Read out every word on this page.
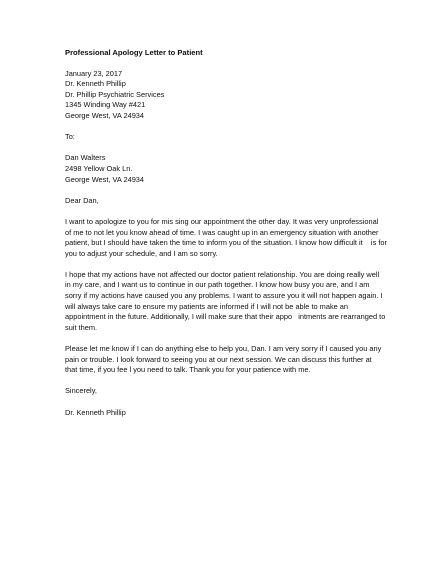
Professional Apology Letter to Patient
January 23, 2017
Dr. Kenneth Phillip
Dr. Phillip Psychiatric Services
1345 Winding Way #421
George West, VA 24934
To:
Dan Walters
2498 Yellow Oak Ln.
George West, VA 24934
Dear Dan,
I want to apologize to you for mis sing our appointment the other day. It was very unprofessional
of me to not let you know ahead of time. I was caught up in an emergency situation with another
patient, but I should have taken the time to inform you of the situation. I know how difficult it    is for
you to adjust your schedule, and I am so sorry.
I hope that my actions have not affected our doctor patient relationship. You are doing really well
in my care, and I want us to continue in our path together. I know how busy you are, and I am
sorry if my actions have caused you any problems. I want to assure you it will not happen again. I
will always take care to ensure my patients are informed if I will not be able to make an
appointment in the future. Additionally, I will make sure that their appo   intments are rearranged to
suit them.
Please let me know if I can do anything else to help you, Dan. I am very sorry if I caused you any
pain or trouble. I look forward to seeing you at our next session. We can discuss this further at
that time, if you fee l you need to talk. Thank you for your patience with me.
Sincerely,
Dr. Kenneth Phillip
